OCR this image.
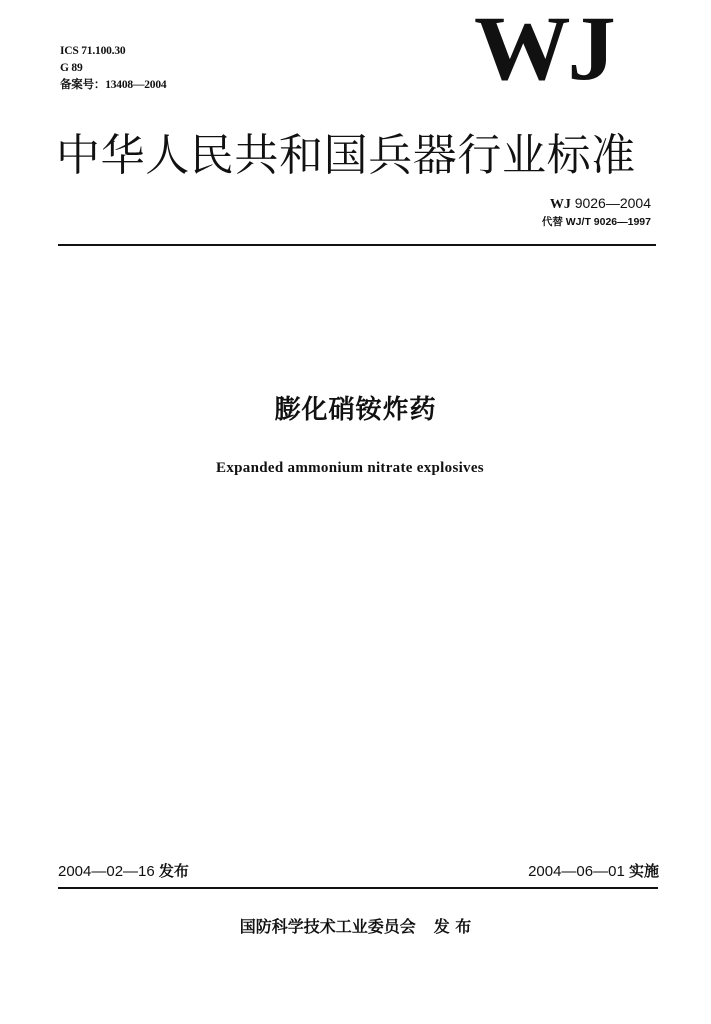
ICS 71.100.30
G 89
备案号：13408—2004	WJ
中华人民共和国兵器行业标准
WJ 9026—2004
代替 WJ/T 9026—1997
膨化硝铵炸药
Expanded ammonium nitrate explosives
2004—02—16 发布	2004—06—01 实施
国防科学技术工业委员会 发 布
